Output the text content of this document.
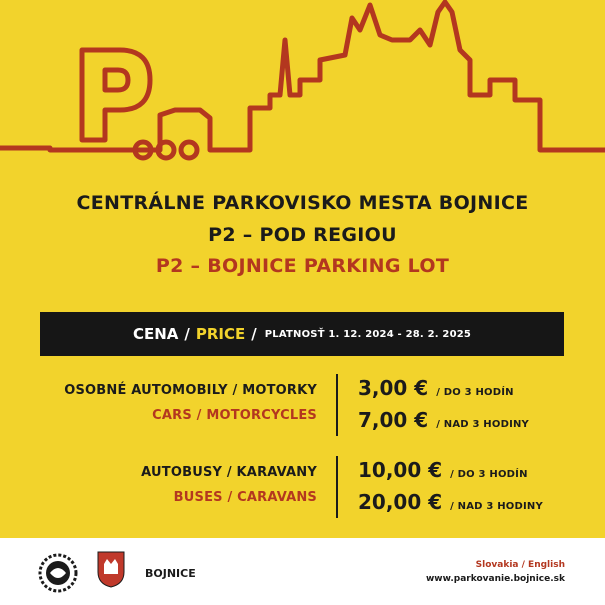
CENTRÁLNE PARKOVISKO MESTA BOJNICE
P2 – POD REGIOU
P2 – BOJNICE PARKING LOT
CENA / PRICE / PLATNOSŤ 1. 12. 2024 - 28. 2. 2025
OSOBNÉ AUTOMOBILY / MOTORKY
CARS / MOTORCYCLES
3,00 € / DO 3 HODÍN
7,00 € / NAD 3 HODINY
AUTOBUSY / KARAVANY
BUSES / CARAVANS
10,00 € / DO 3 HODÍN
20,00 € / NAD 3 HODINY
BOJNICE
Slovakia / English
www.parkovanie.bojnice.sk
